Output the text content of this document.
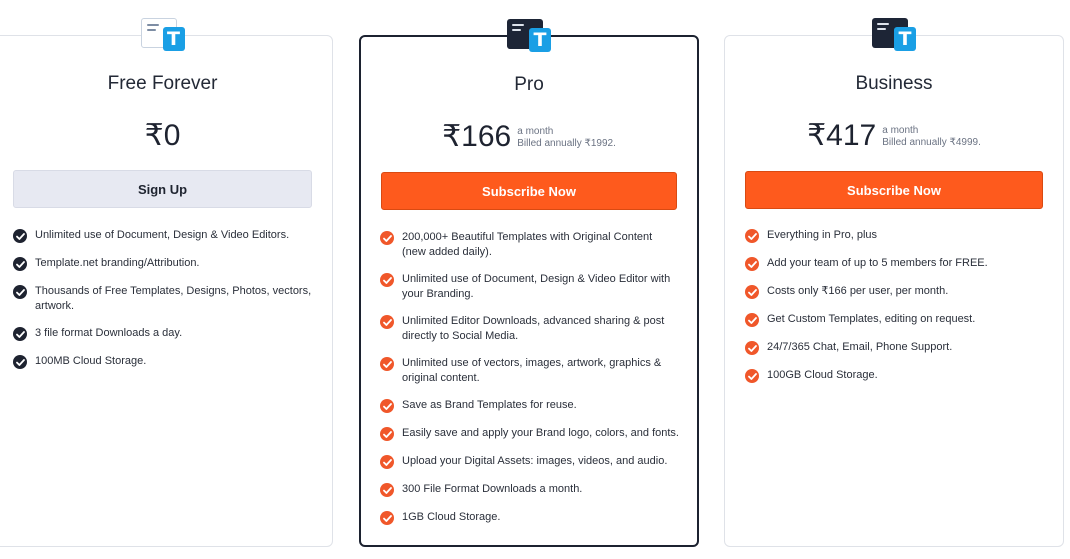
T
Free Forever
₹0
Sign Up
Unlimited use of Document, Design & Video Editors.
Template.net branding/Attribution.
Thousands of Free Templates, Designs, Photos, vectors, artwork.
3 file format Downloads a day.
100MB Cloud Storage.
T
Pro
₹166 a month
Billed annually ₹1992.
Subscribe Now
200,000+ Beautiful Templates with Original Content (new added daily).
Unlimited use of Document, Design & Video Editor with your Branding.
Unlimited Editor Downloads, advanced sharing & post directly to Social Media.
Unlimited use of vectors, images, artwork, graphics & original content.
Save as Brand Templates for reuse.
Easily save and apply your Brand logo, colors, and fonts.
Upload your Digital Assets: images, videos, and audio.
300 File Format Downloads a month.
1GB Cloud Storage.
T
Business
₹417 a month
Billed annually ₹4999.
Subscribe Now
Everything in Pro, plus
Add your team of up to 5 members for FREE.
Costs only ₹166 per user, per month.
Get Custom Templates, editing on request.
24/7/365 Chat, Email, Phone Support.
100GB Cloud Storage.
